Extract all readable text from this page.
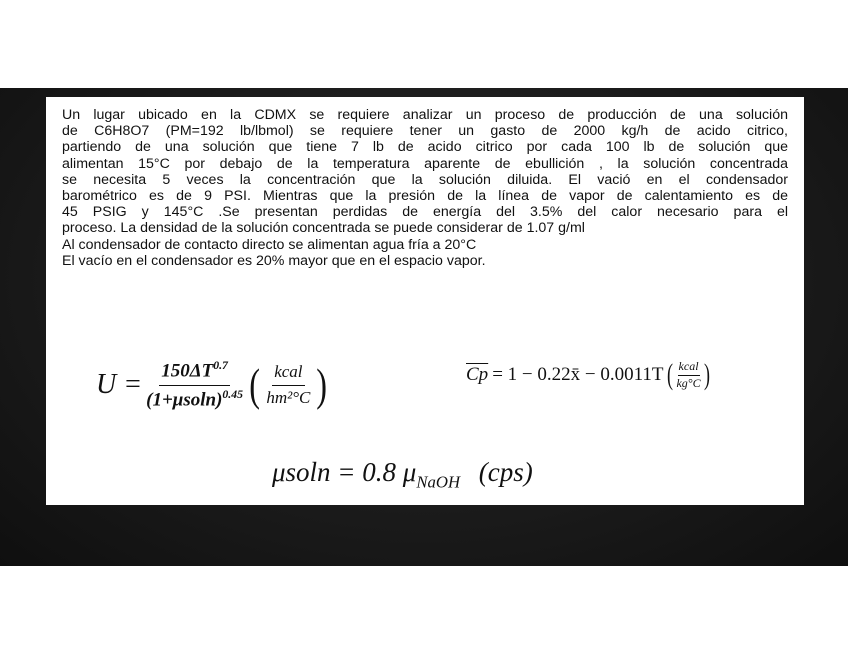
Un lugar ubicado en la CDMX se requiere analizar un proceso de producción de una solución

de C6H8O7 (PM=192 lb/lbmol) se requiere tener un gasto de 2000 kg/h de acido citrico,

partiendo de una solución que tiene 7 lb de acido citrico por cada 100 lb de solución que

alimentan 15°C por debajo de la temperatura aparente de ebullición , la solución concentrada

se necesita 5 veces la concentración que la solución diluida. El vació en el condensador

barométrico es de 9 PSI. Mientras que la presión de la línea de vapor de calentamiento es de

45 PSIG y 145°C .Se presentan perdidas de energía del 3.5% del calor necesario para el

proceso. La densidad de la solución concentrada se puede considerar de 1.07 g/ml

Al condensador de contacto directo se alimentan agua fría a 20°C

El vacío en el condensador es 20% mayor que en el espacio vapor.

$U = \frac{150\Delta T^{0.7}}{(1+\mu soln)^{0.45}}$ ( $\frac{\text{kcal}}{\text{hm²°C}}$ )	$\overline{Cp} = 1$ − 0.22x̄ − 0.0011T ( $\frac{\text{kcal}}{kg^\circ C}$ )
μsoln = 0.8 $\mu_{NaOH}$ (cps)
